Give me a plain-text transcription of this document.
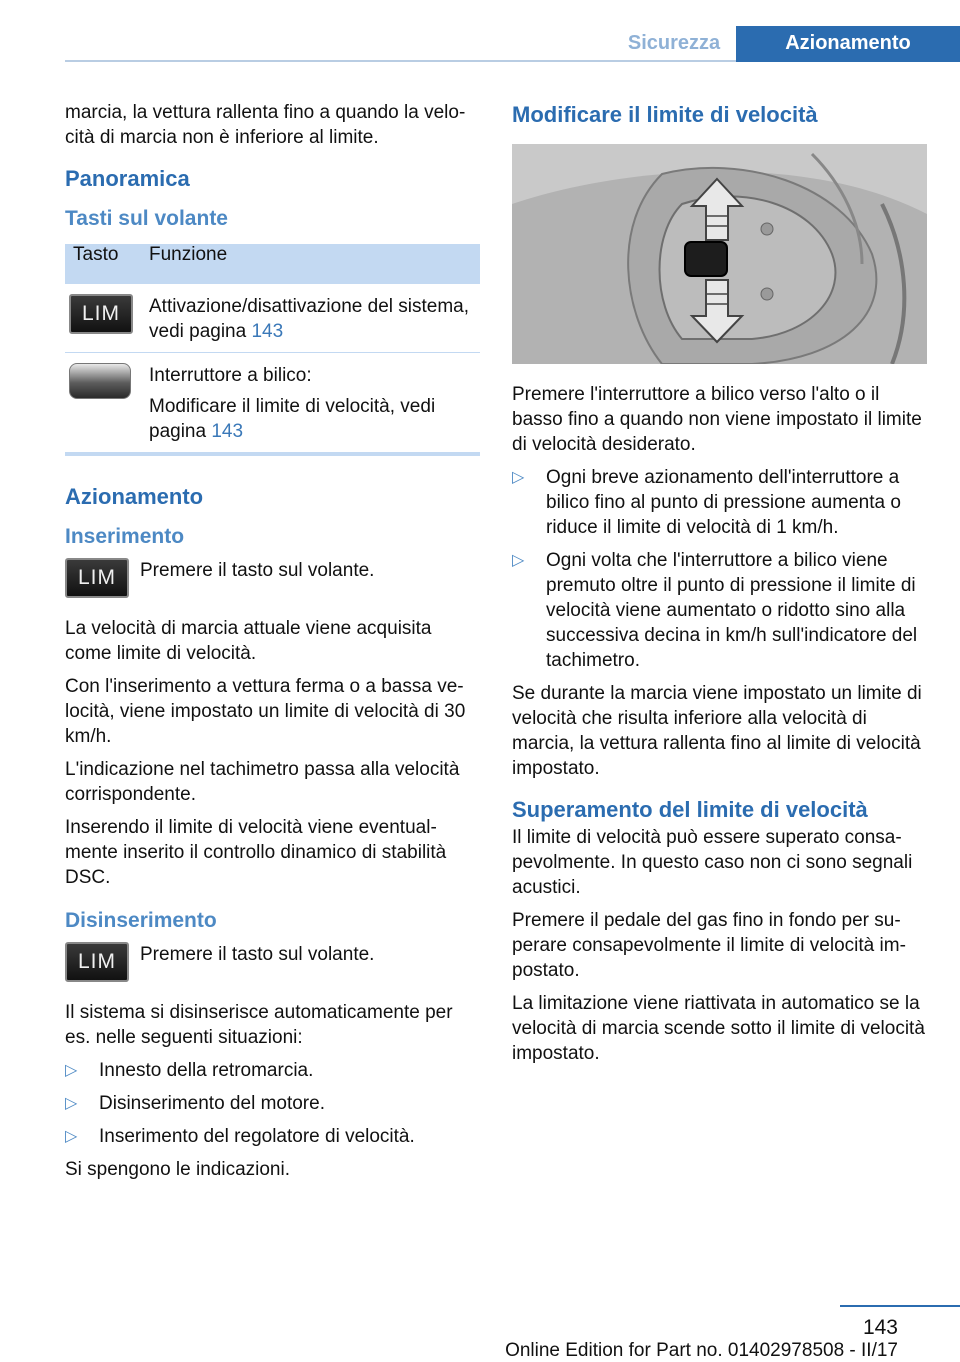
Sicurezza	Azionamento

marcia, la vettura rallenta fino a quando la velocità di marcia non è inferiore al limite.

Panoramica
Tasti sul volante
Tasto	Funzione
LIM	Attivazione/disattivazione del sistema, vedi pagina 143

	Interruttore a bilico:
Modificare il limite di velocità, vedi pagina 143

Azionamento
Inserimento
LIM	Premere il tasto sul volante.

La velocità di marcia attuale viene acquisita come limite di velocità.

Con l'inserimento a vettura ferma o a bassa velocità, viene impostato un limite di velocità di 30 km/h.

L'indicazione nel tachimetro passa alla velocità corrispondente.

Inserendo il limite di velocità viene eventualmente inserito il controllo dinamico di stabilità DSC.

Disinserimento
LIM	Premere il tasto sul volante.

Il sistema si disinserisce automaticamente per es. nelle seguenti situazioni:

▷ Innesto della retromarcia.
▷ Disinserimento del motore.
▷ Inserimento del regolatore di velocità.

Si spengono le indicazioni.

Modificare il limite di velocità

Premere l'interruttore a bilico verso l'alto o il basso fino a quando non viene impostato il limite di velocità desiderato.

▷ Ogni breve azionamento dell'interruttore a bilico fino al punto di pressione aumenta o riduce il limite di velocità di 1 km/h.
▷ Ogni volta che l'interruttore a bilico viene premuto oltre il punto di pressione il limite di velocità viene aumentato o ridotto sino alla successiva decina in km/h sull'indicatore del tachimetro.

Se durante la marcia viene impostato un limite di velocità che risulta inferiore alla velocità di marcia, la vettura rallenta fino al limite di velocità impostato.

Superamento del limite di velocità

Il limite di velocità può essere superato consapevolmente. In questo caso non ci sono segnali acustici.

Premere il pedale del gas fino in fondo per superare consapevolmente il limite di velocità impostato.

La limitazione viene riattivata in automatico se la velocità di marcia scende sotto il limite di velocità impostato.

143
Online Edition for Part no. 01402978508 - II/17
